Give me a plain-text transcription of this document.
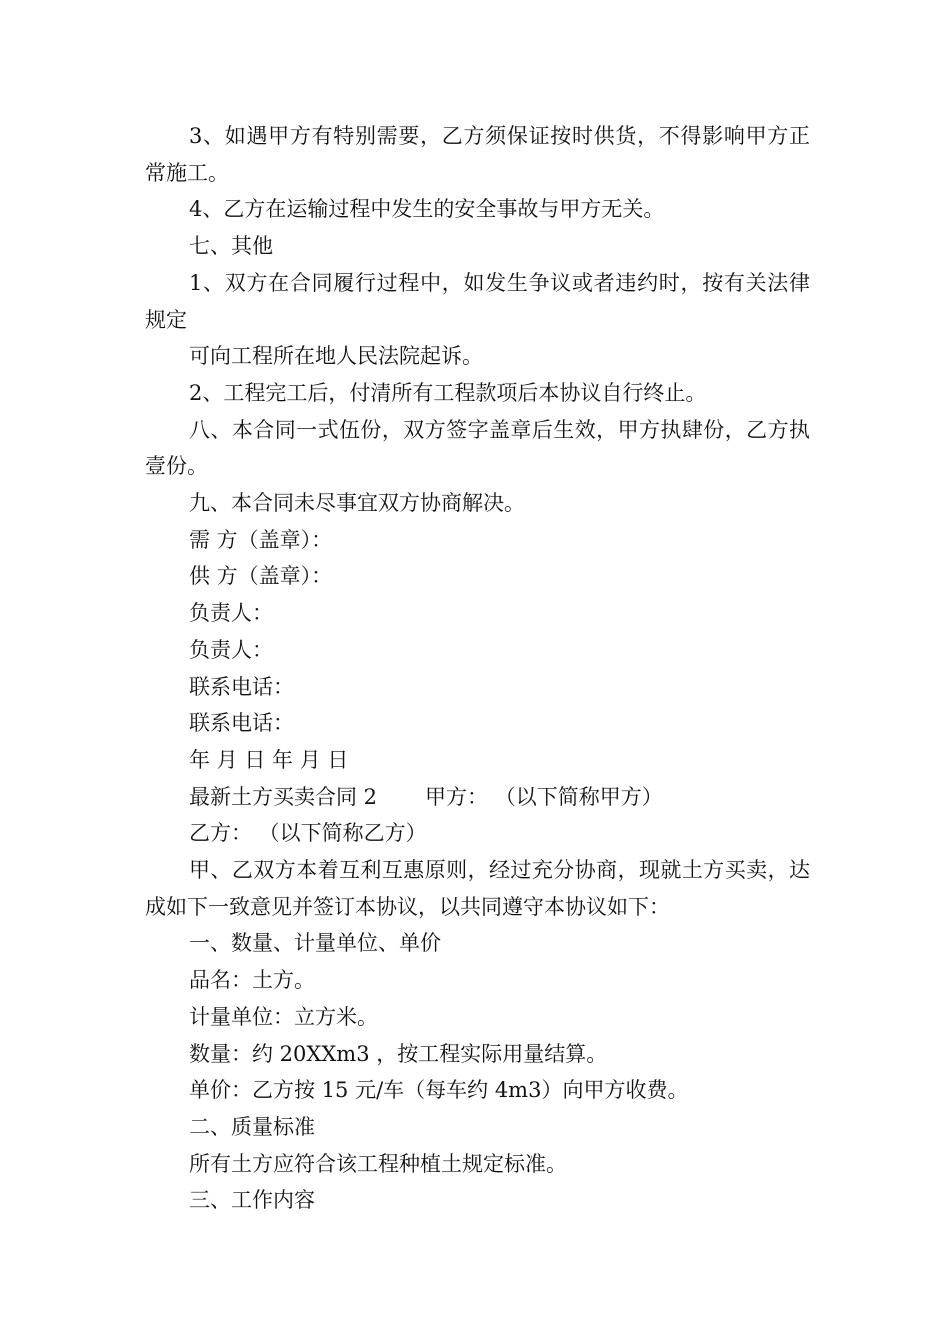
3、如遇甲方有特别需要，乙方须保证按时供货，不得影响甲方正常施工。

4、乙方在运输过程中发生的安全事故与甲方无关。

七、其他

1、双方在合同履行过程中，如发生争议或者违约时，按有关法律规定

可向工程所在地人民法院起诉。

2、工程完工后，付清所有工程款项后本协议自行终止。

八、本合同一式伍份，双方签字盖章后生效，甲方执肆份，乙方执壹份。

九、本合同未尽事宜双方协商解决。

需 方（盖章）：

供 方（盖章）：

负责人：

负责人：

联系电话：

联系电话：

年 月 日 年 月 日

最新土方买卖合同 2 甲方： （以下简称甲方）

乙方： （以下简称乙方）

甲、乙双方本着互利互惠原则，经过充分协商，现就土方买卖，达成如下一致意见并签订本协议，以共同遵守本协议如下：

一、数量、计量单位、单价

品名：土方。

计量单位：立方米。

数量：约 20XXm3 ，按工程实际用量结算。

单价：乙方按 15 元/车（每车约 4m3）向甲方收费。

二、质量标准

所有土方应符合该工程种植土规定标准。

三、工作内容
